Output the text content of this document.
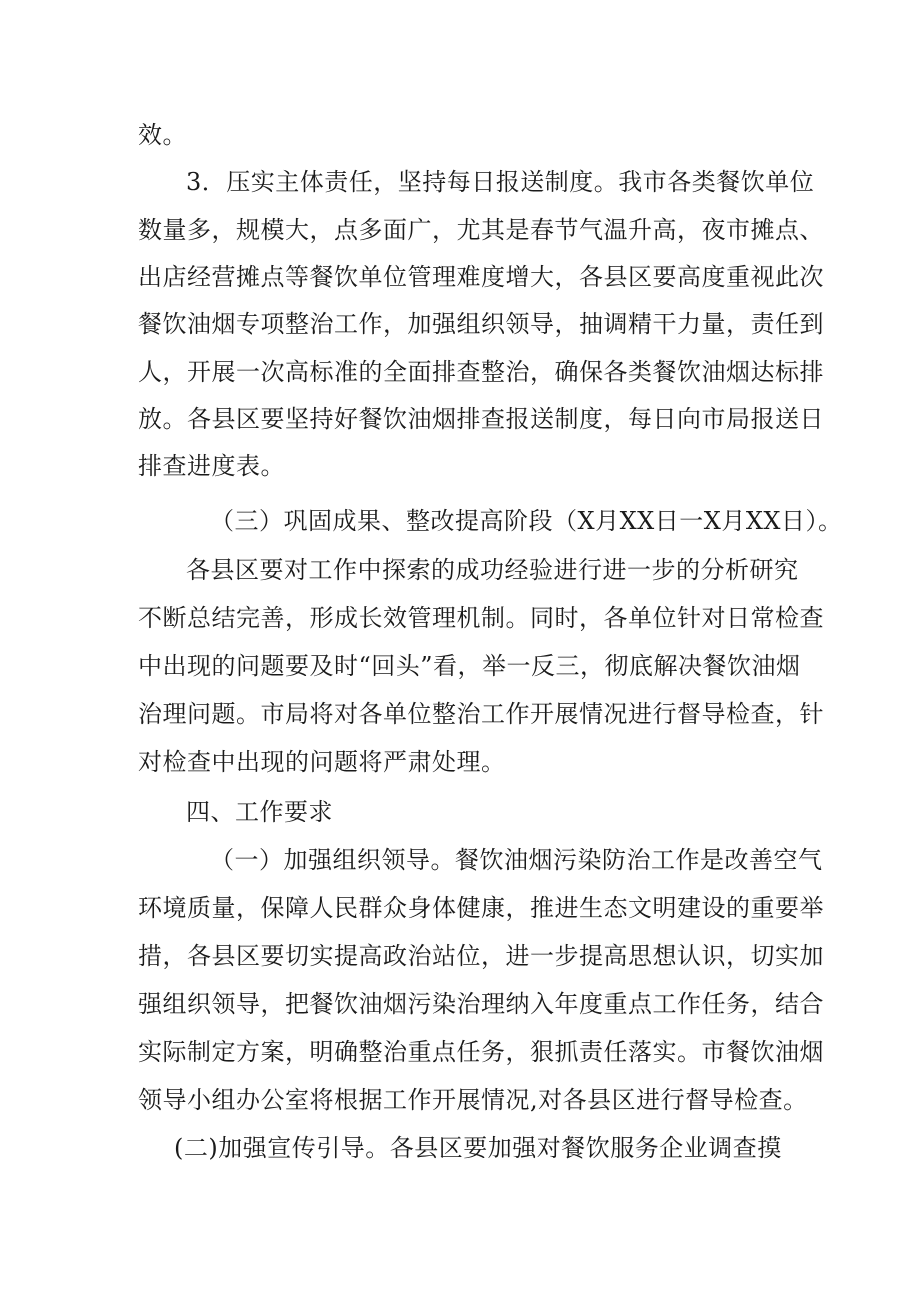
效。
3．压实主体责任，坚持每日报送制度。我市各类餐饮单位
数量多，规模大，点多面广，尤其是春节气温升高，夜市摊点、
出店经营摊点等餐饮单位管理难度增大，各县区要高度重视此次
餐饮油烟专项整治工作，加强组织领导，抽调精干力量，责任到
人，开展一次高标准的全面排查整治，确保各类餐饮油烟达标排
放。各县区要坚持好餐饮油烟排查报送制度，每日向市局报送日
排查进度表。
（三）巩固成果、整改提高阶段（X月XX日一X月XX日）。
各县区要对工作中探索的成功经验进行进一步的分析研究
不断总结完善，形成长效管理机制。同时，各单位针对日常检查
中出现的问题要及时“回头”看，举一反三，彻底解决餐饮油烟
治理问题。市局将对各单位整治工作开展情况进行督导检查，针
对检查中出现的问题将严肃处理。
四、工作要求
（一）加强组织领导。餐饮油烟污染防治工作是改善空气
环境质量，保障人民群众身体健康，推进生态文明建设的重要举
措，各县区要切实提高政治站位，进一步提高思想认识，切实加
强组织领导，把餐饮油烟污染治理纳入年度重点工作任务，结合
实际制定方案，明确整治重点任务，狠抓责任落实。市餐饮油烟
领导小组办公室将根据工作开展情况,对各县区进行督导检查。
(二)加强宣传引导。各县区要加强对餐饮服务企业调查摸
